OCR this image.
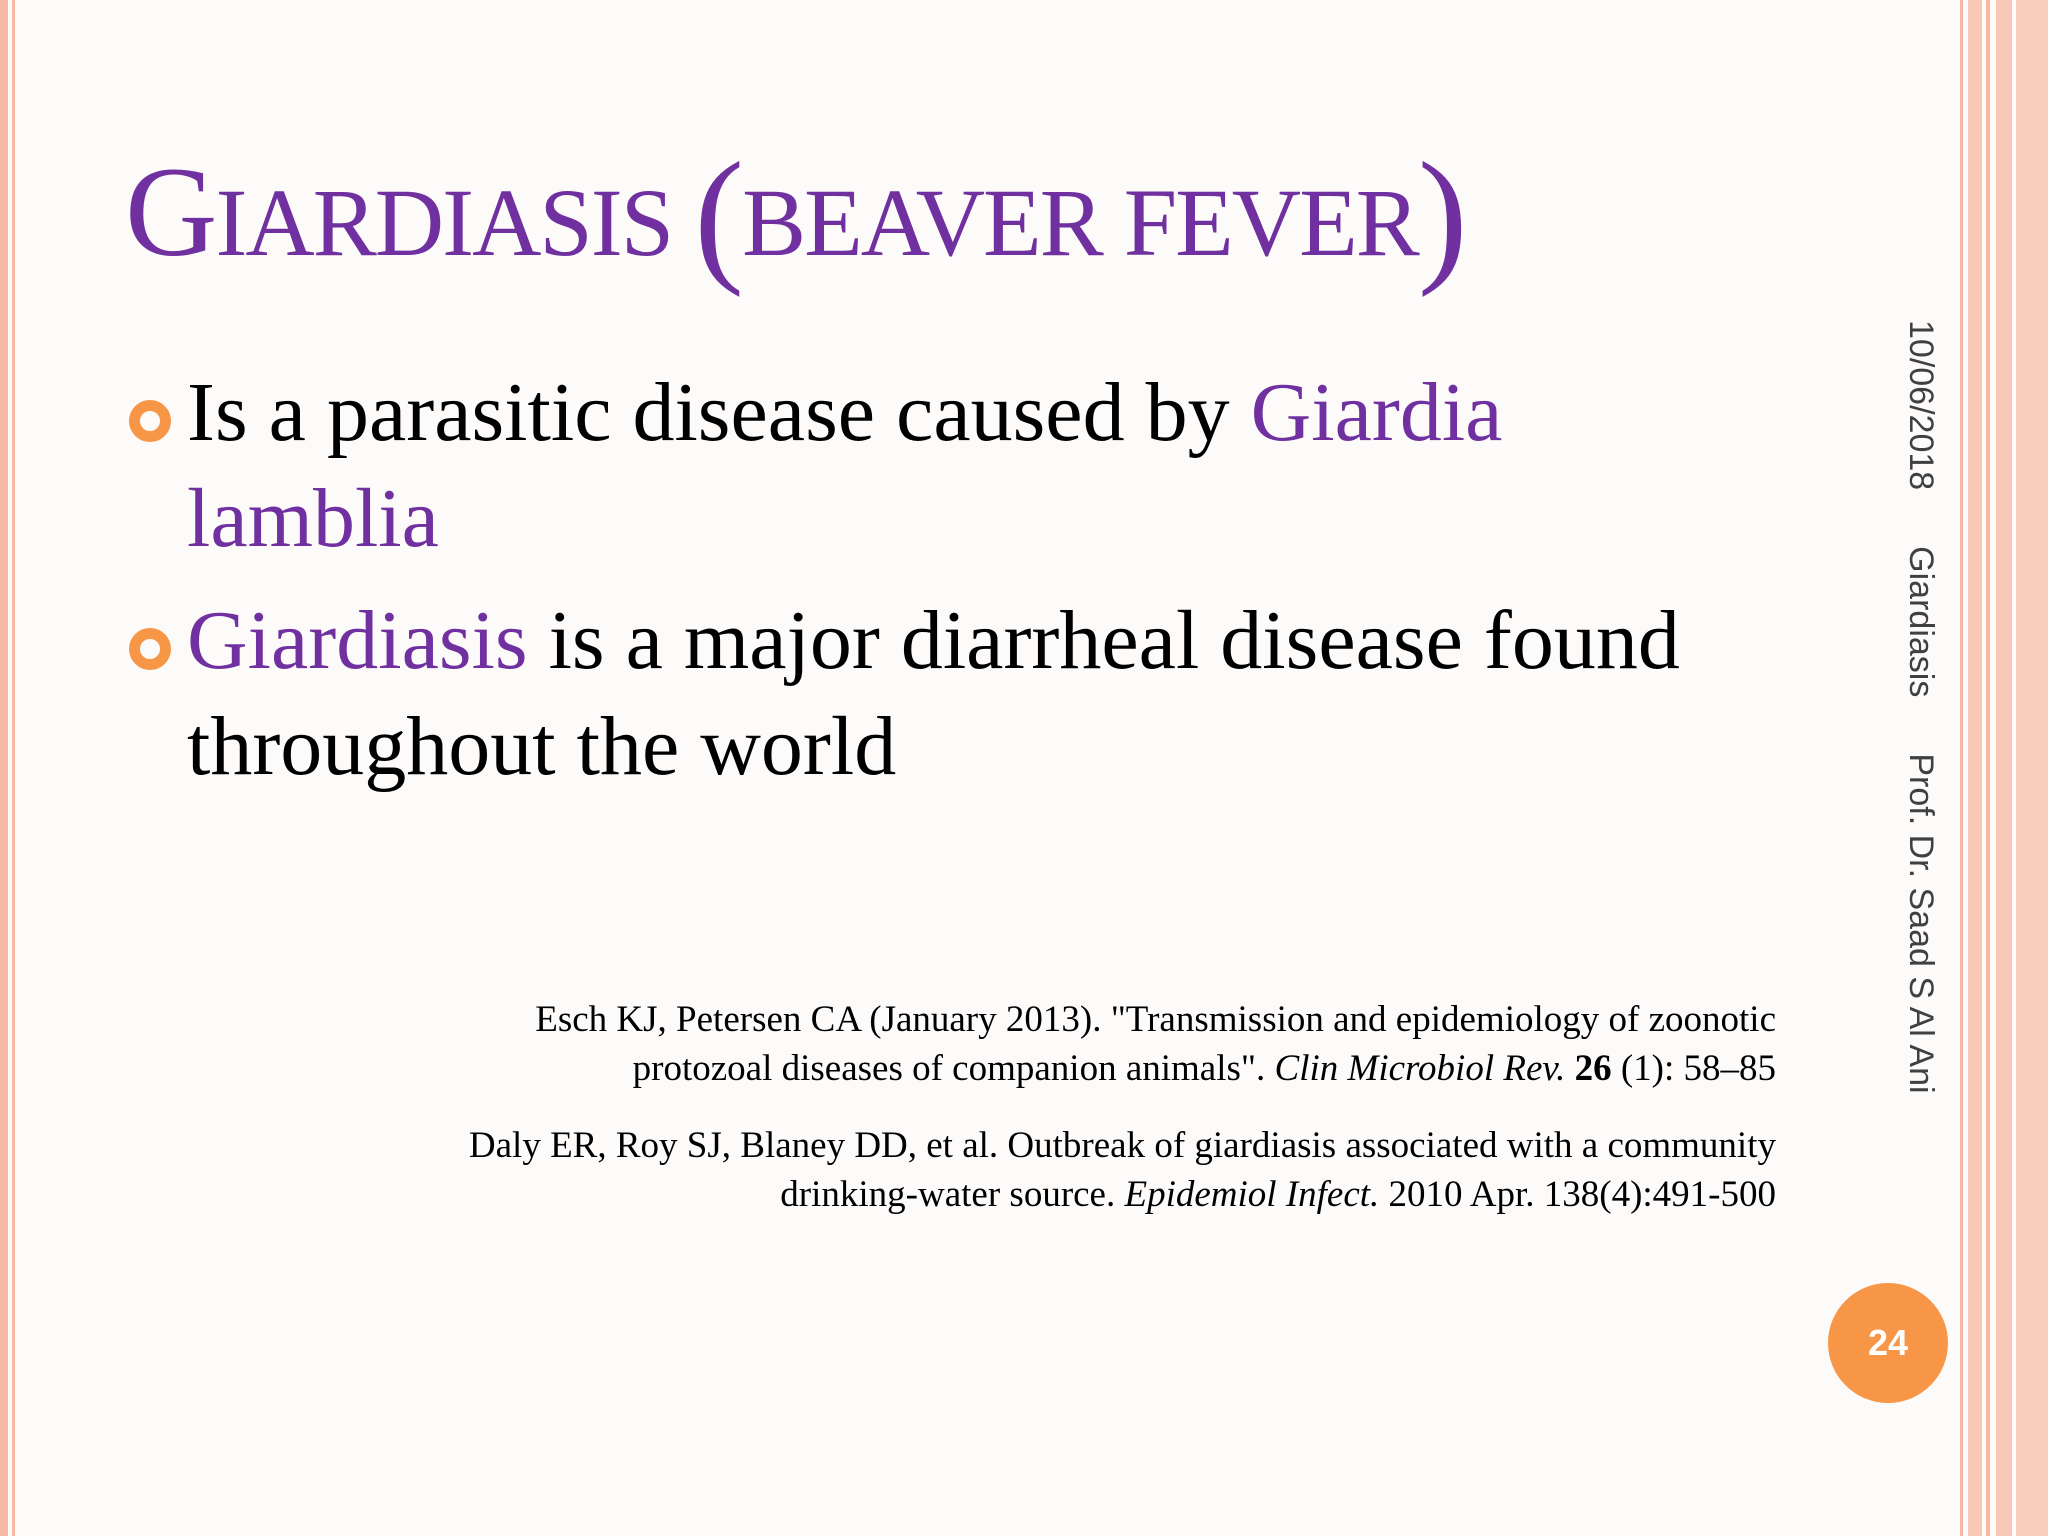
GIARDIASIS (BEAVER FEVER)
Is a parasitic disease caused by Giardia lamblia
Giardiasis is a major diarrheal disease found throughout the world
Esch KJ, Petersen CA (January 2013). "Transmission and epidemiology of zoonotic protozoal diseases of companion animals". Clin Microbiol Rev. 26 (1): 58–85
Daly ER, Roy SJ, Blaney DD, et al. Outbreak of giardiasis associated with a community drinking-water source. Epidemiol Infect. 2010 Apr. 138(4):491-500
10/06/2018GiardiasisProf. Dr. Saad S Al Ani
24
